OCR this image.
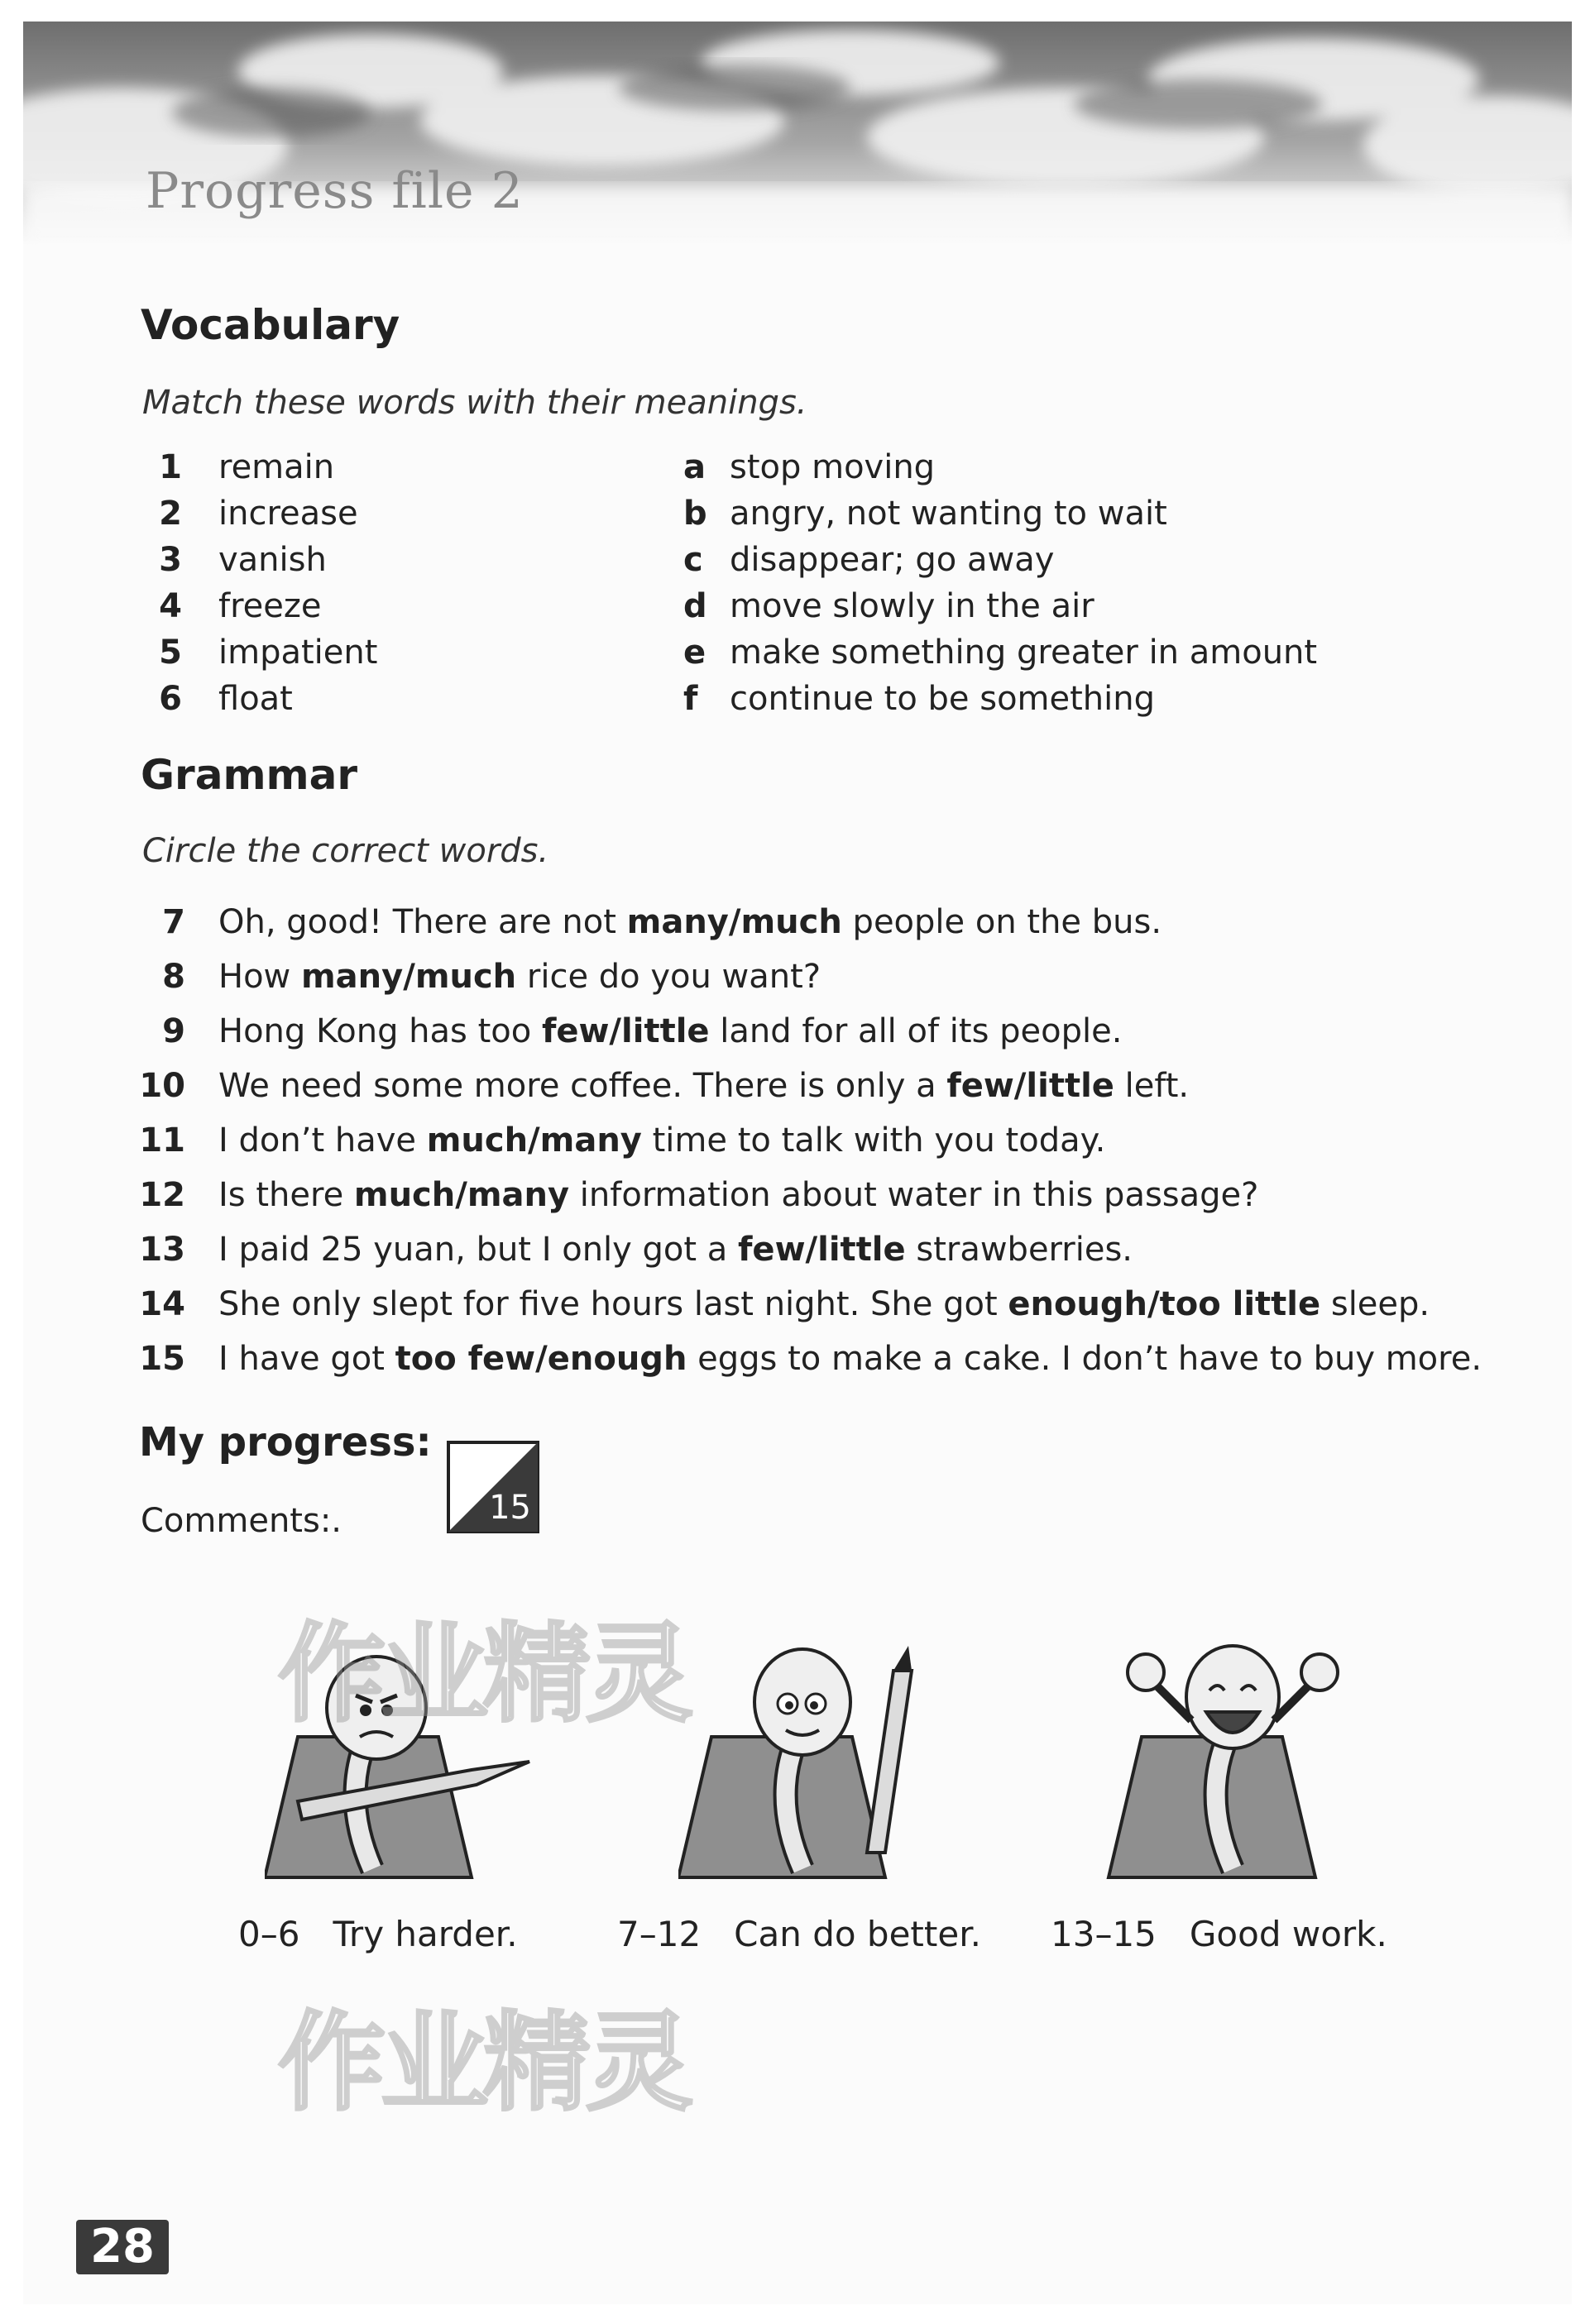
Progress file 2
Vocabulary

Match these words with their meanings.

1 remain
2 increase
3 vanish
4 freeze
5 impatient
6 float
a stop moving
b angry, not wanting to wait
c disappear; go away
d move slowly in the air
e make something greater in amount
f continue to be something
Grammar

Circle the correct words.

7 Oh, good! There are not many/much people on the bus.
8 How many/much rice do you want?
9 Hong Kong has too few/little land for all of its people.
10 We need some more coffee. There is only a few/little left.
11 I don’t have much/many time to talk with you today.
12 Is there much/many information about water in this passage?
13 I paid 25 yuan, but I only got a few/little strawberries.
14 She only slept for five hours last night. She got enough/too little sleep.
15 I have got too few/enough eggs to make a cake. I don’t have to buy more.
My progress:
Comments:.	15
0–6 Try harder.	7–12 Can do better. 13–15 Good work.
作业精灵
作业精灵
28
